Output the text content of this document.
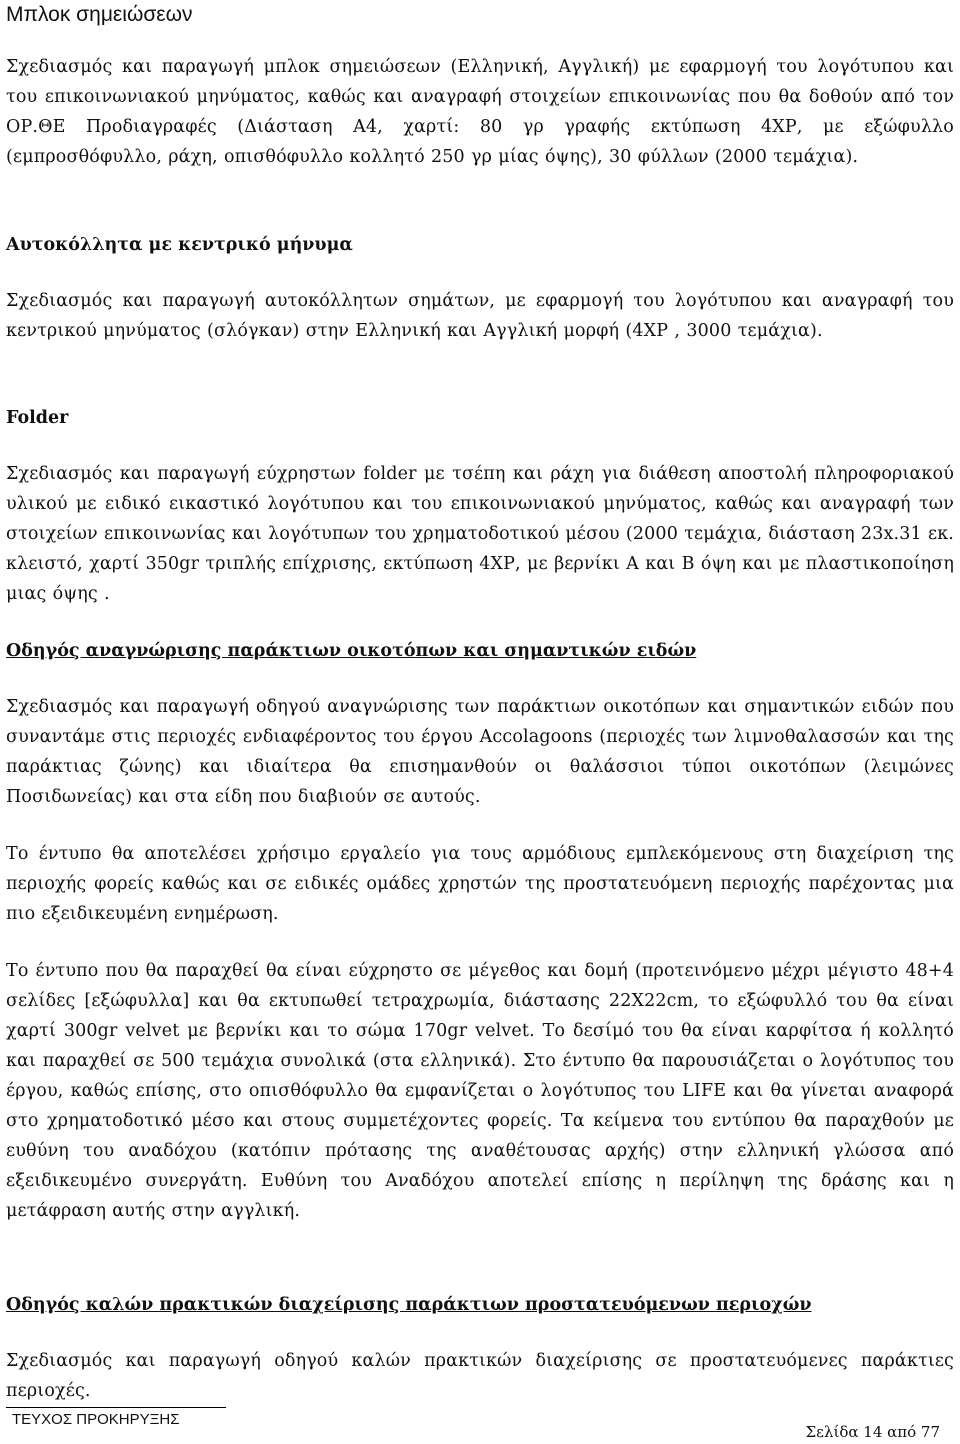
Μπλοκ σημειώσεων

Σχεδιασμός και παραγωγή μπλοκ σημειώσεων (Ελληνική, Αγγλική) με εφαρμογή του λογότυπου και του επικοινωνιακού μηνύματος, καθώς και αναγραφή στοιχείων επικοινωνίας που θα δοθούν από τον ΟΡ.ΘΕ Προδιαγραφές (Διάσταση Α4, χαρτί: 80 γρ γραφής εκτύπωση 4ΧΡ, με εξώφυλλο (εμπροσθόφυλλο, ράχη, οπισθόφυλλο κολλητό 250 γρ μίας όψης), 30 φύλλων (2000 τεμάχια).

Αυτοκόλλητα με κεντρικό μήνυμα

Σχεδιασμός και παραγωγή αυτοκόλλητων σημάτων, με εφαρμογή του λογότυπου και αναγραφή του κεντρικού μηνύματος (σλόγκαν) στην Ελληνική και Αγγλική μορφή (4ΧΡ , 3000 τεμάχια).

Folder

Σχεδιασμός και παραγωγή εύχρηστων folder με τσέπη και ράχη για διάθεση αποστολή πληροφοριακού υλικού με ειδικό εικαστικό λογότυπου και του επικοινωνιακού μηνύματος, καθώς και αναγραφή των στοιχείων επικοινωνίας και λογότυπων του χρηματοδοτικού μέσου (2000 τεμάχια, διάσταση 23x.31 εκ. κλειστό, χαρτί 350gr τριπλής επίχρισης, εκτύπωση 4ΧΡ, με βερνίκι Α και Β όψη και με πλαστικοποίηση μιας όψης .

Οδηγός αναγνώρισης παράκτιων οικοτόπων και σημαντικών ειδών

Σχεδιασμός και παραγωγή οδηγού αναγνώρισης των παράκτιων οικοτόπων και σημαντικών ειδών που συναντάμε στις περιοχές ενδιαφέροντος του έργου Accolagoons (περιοχές των λιμνοθαλασσών και της παράκτιας ζώνης) και ιδιαίτερα θα επισημανθούν οι θαλάσσιοι τύποι οικοτόπων (λειμώνες Ποσιδωνείας) και στα είδη που διαβιούν σε αυτούς.

Το έντυπο θα αποτελέσει χρήσιμο εργαλείο για τους αρμόδιους εμπλεκόμενους στη διαχείριση της περιοχής φορείς καθώς και σε ειδικές ομάδες χρηστών της προστατευόμενη περιοχής παρέχοντας μια πιο εξειδικευμένη ενημέρωση.

Το έντυπο που θα παραχθεί θα είναι εύχρηστο σε μέγεθος και δομή (προτεινόμενο μέχρι μέγιστο 48+4 σελίδες [εξώφυλλα] και θα εκτυπωθεί τετραχρωμία, διάστασης 22Χ22cm, το εξώφυλλό του θα είναι χαρτί 300gr velvet με βερνίκι και το σώμα 170gr velvet. Το δεσίμό του θα είναι καρφίτσα ή κολλητό και παραχθεί σε 500 τεμάχια συνολικά (στα ελληνικά). Στο έντυπο θα παρουσιάζεται ο λογότυπος του έργου, καθώς επίσης, στο οπισθόφυλλο θα εμφανίζεται ο λογότυπος του LIFE και θα γίνεται αναφορά στο χρηματοδοτικό μέσο και στους συμμετέχοντες φορείς. Τα κείμενα του εντύπου θα παραχθούν με ευθύνη του αναδόχου (κατόπιν πρότασης της αναθέτουσας αρχής) στην ελληνική γλώσσα από εξειδικευμένο συνεργάτη. Ευθύνη του Αναδόχου αποτελεί επίσης η περίληψη της δράσης και η μετάφραση αυτής στην αγγλική.

Οδηγός καλών πρακτικών διαχείρισης παράκτιων προστατευόμενων περιοχών

Σχεδιασμός και παραγωγή οδηγού καλών πρακτικών διαχείρισης σε προστατευόμενες παράκτιες περιοχές.

ΤΕΥΧΟΣ ΠΡΟΚΗΡΥΞΗΣ
Σελίδα 14 από 77
